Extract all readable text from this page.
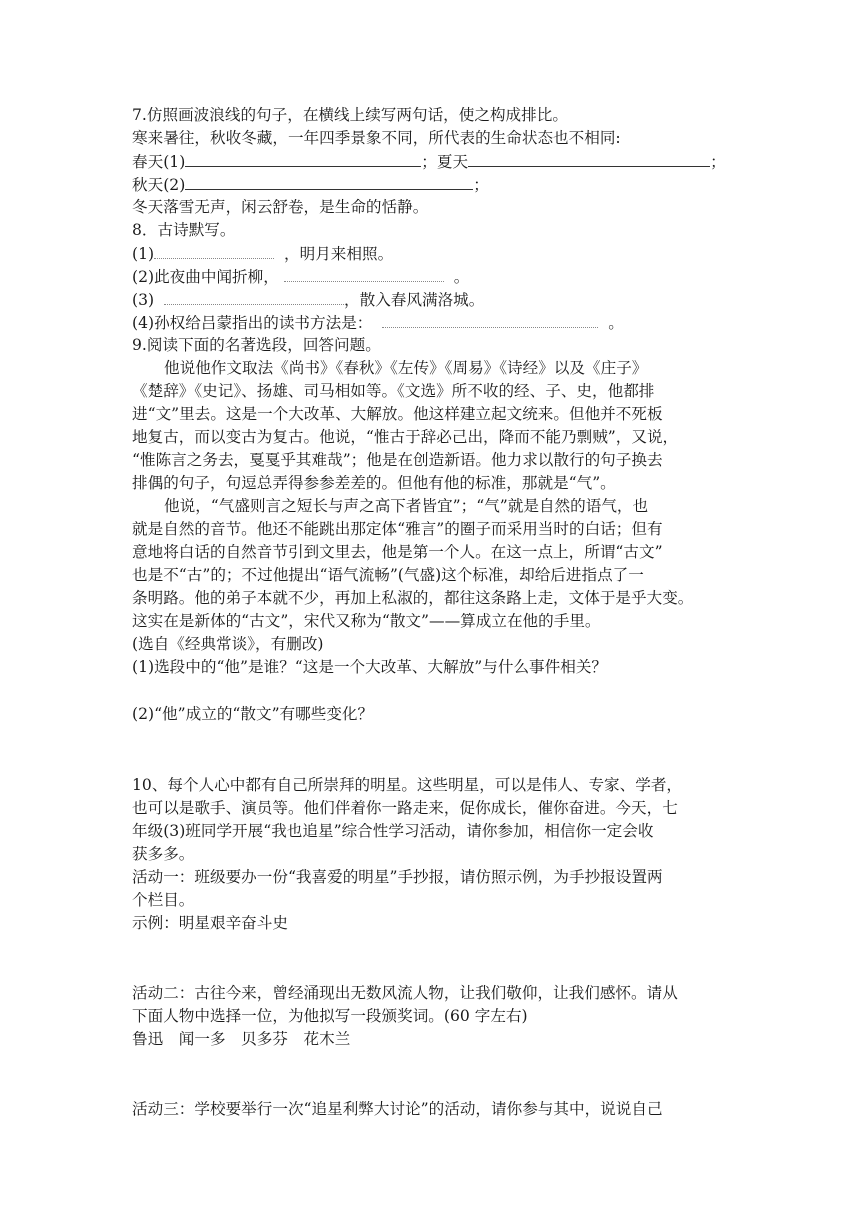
7.仿照画波浪线的句子，在横线上续写两句话，使之构成排比。
寒来暑往，秋收冬藏，一年四季景象不同，所代表的生命状态也不相同:
春天(1)	；夏天	；
秋天(2)	；
冬天落雪无声，闲云舒卷，是生命的恬静。
8．古诗默写。
(1)	，明月来相照。
(2)此夜曲中闻折柳，	。
(3)	，散入春风满洛城。
(4)孙权给吕蒙指出的读书方法是：	。
9.阅读下面的名著选段，回答问题。
他说他作文取法《尚书》《春秋》《左传》《周易》《诗经》以及《庄子》
《楚辞》《史记》、扬雄、司马相如等。《文选》所不收的经、子、史，他都排
进“文”里去。这是一个大改革、大解放。他这样建立起文统来。但他并不死板
地复古，而以变古为复古。他说，“惟古于辞必己出，降而不能乃剽贼”，又说，
“惟陈言之务去，戛戛乎其难哉”；他是在创造新语。他力求以散行的句子换去
排偶的句子，句逗总弄得参参差差的。但他有他的标准，那就是“气”。
他说，“气盛则言之短长与声之高下者皆宜”；“气”就是自然的语气，也
就是自然的音节。他还不能跳出那定体“雅言”的圈子而采用当时的白话；但有
意地将白话的自然音节引到文里去，他是第一个人。在这一点上，所谓“古文”
也是不“古”的；不过他提出“语气流畅”(气盛)这个标准，却给后进指点了一
条明路。他的弟子本就不少，再加上私淑的，都往这条路上走，文体于是乎大变。
这实在是新体的“古文”，宋代又称为“散文”——算成立在他的手里。
(选自《经典常谈》，有删改)
(1)选段中的“他”是谁？“这是一个大改革、大解放”与什么事件相关？
(2)“他”成立的“散文”有哪些变化？
10、每个人心中都有自己所崇拜的明星。这些明星，可以是伟人、专家、学者，
也可以是歌手、演员等。他们伴着你一路走来，促你成长，催你奋进。今天，七
年级(3)班同学开展“我也追星”综合性学习活动，请你参加，相信你一定会收
获多多。
活动一：班级要办一份“我喜爱的明星”手抄报，请仿照示例，为手抄报设置两
个栏目。
示例：明星艰辛奋斗史
活动二：古往今来，曾经涌现出无数风流人物，让我们敬仰，让我们感怀。请从
下面人物中选择一位，为他拟写一段颁奖词。(60 字左右)
鲁迅　闻一多　贝多芬　花木兰
活动三：学校要举行一次“追星利弊大讨论”的活动，请你参与其中，说说自己
